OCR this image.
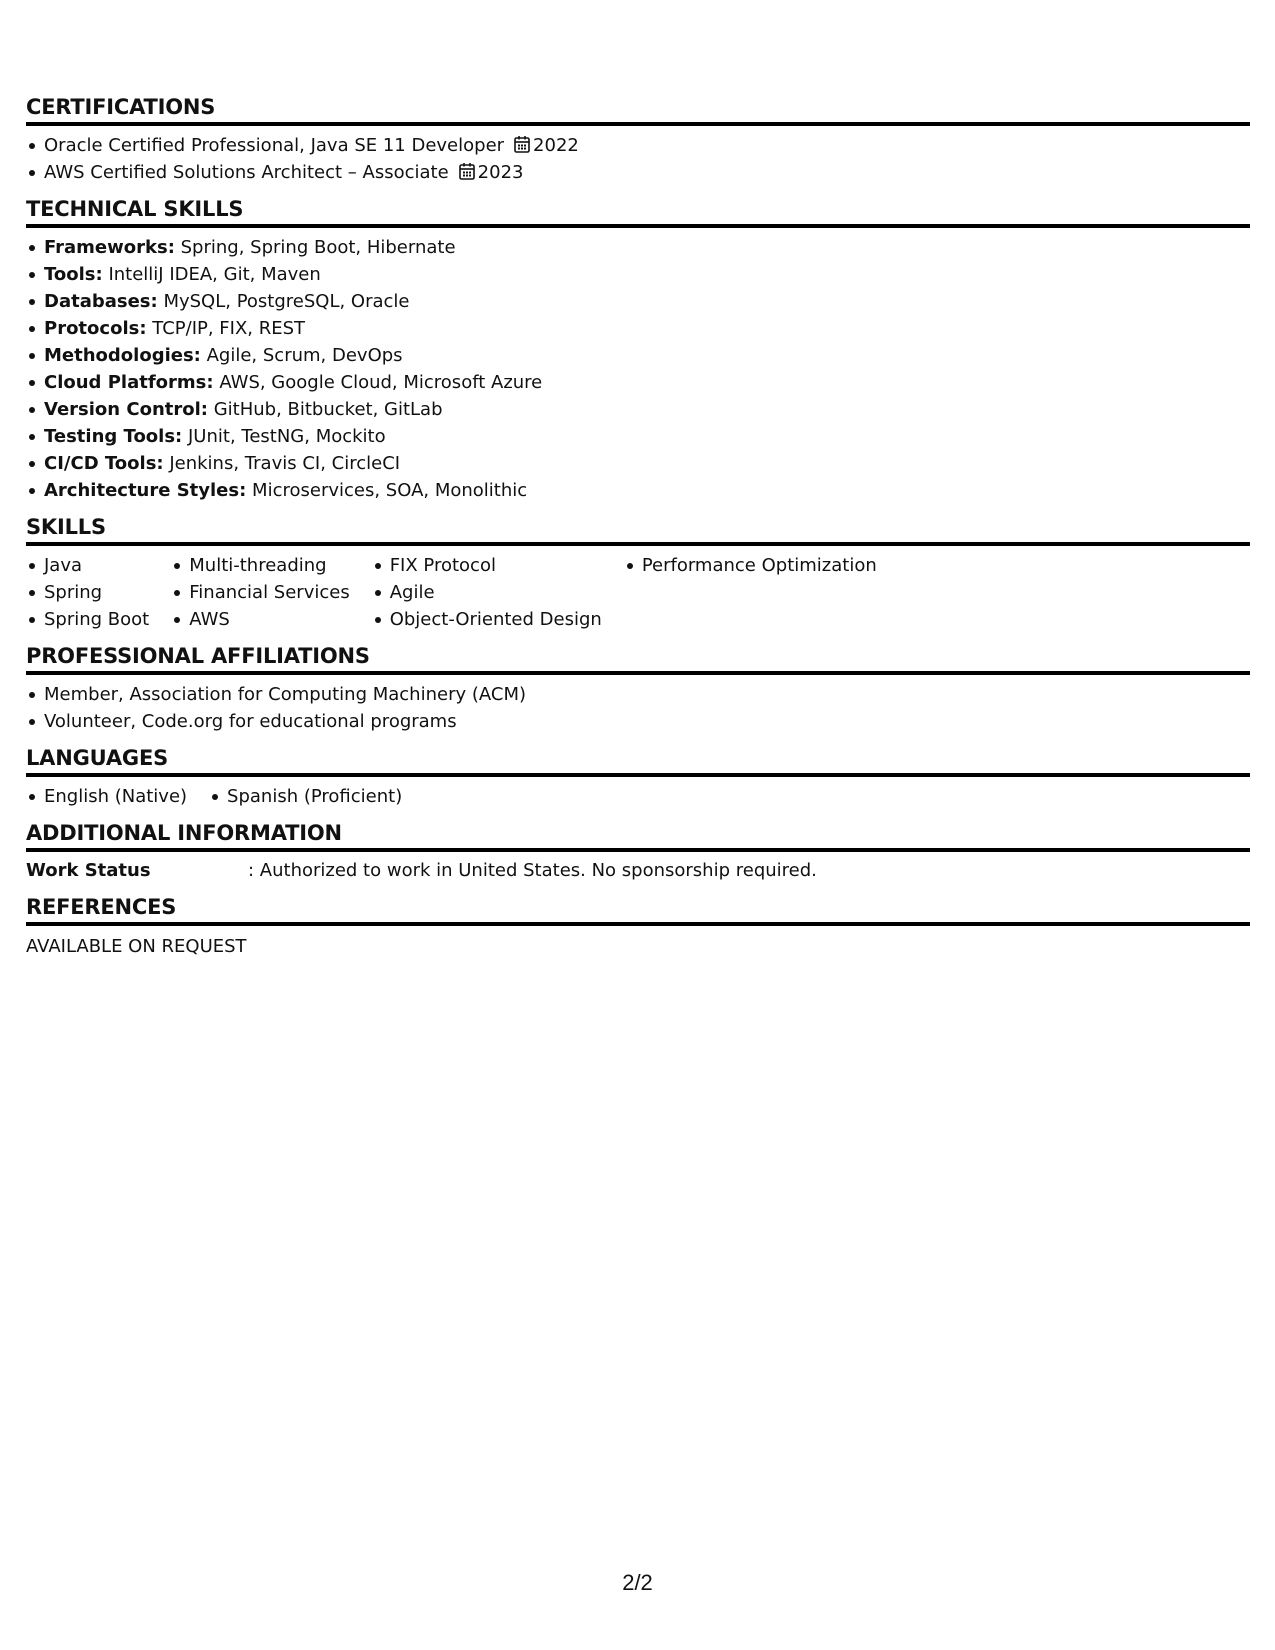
CERTIFICATIONS
Oracle Certified Professional, Java SE 11 Developer 2022
AWS Certified Solutions Architect – Associate 2023
TECHNICAL SKILLS
Frameworks: Spring, Spring Boot, Hibernate
Tools: IntelliJ IDEA, Git, Maven
Databases: MySQL, PostgreSQL, Oracle
Protocols: TCP/IP, FIX, REST
Methodologies: Agile, Scrum, DevOps
Cloud Platforms: AWS, Google Cloud, Microsoft Azure
Version Control: GitHub, Bitbucket, GitLab
Testing Tools: JUnit, TestNG, Mockito
CI/CD Tools: Jenkins, Travis CI, CircleCI
Architecture Styles: Microservices, SOA, Monolithic
SKILLS
Java
Spring
Spring Boot
Multi-threading
Financial Services
AWS
FIX Protocol
Agile
Object-Oriented Design
Performance Optimization
PROFESSIONAL AFFILIATIONS
Member, Association for Computing Machinery (ACM)
Volunteer, Code.org for educational programs
LANGUAGES
English (Native)	Spanish (Proficient)
ADDITIONAL INFORMATION
Work Status	: Authorized to work in United States. No sponsorship required.
REFERENCES
AVAILABLE ON REQUEST
2/2
